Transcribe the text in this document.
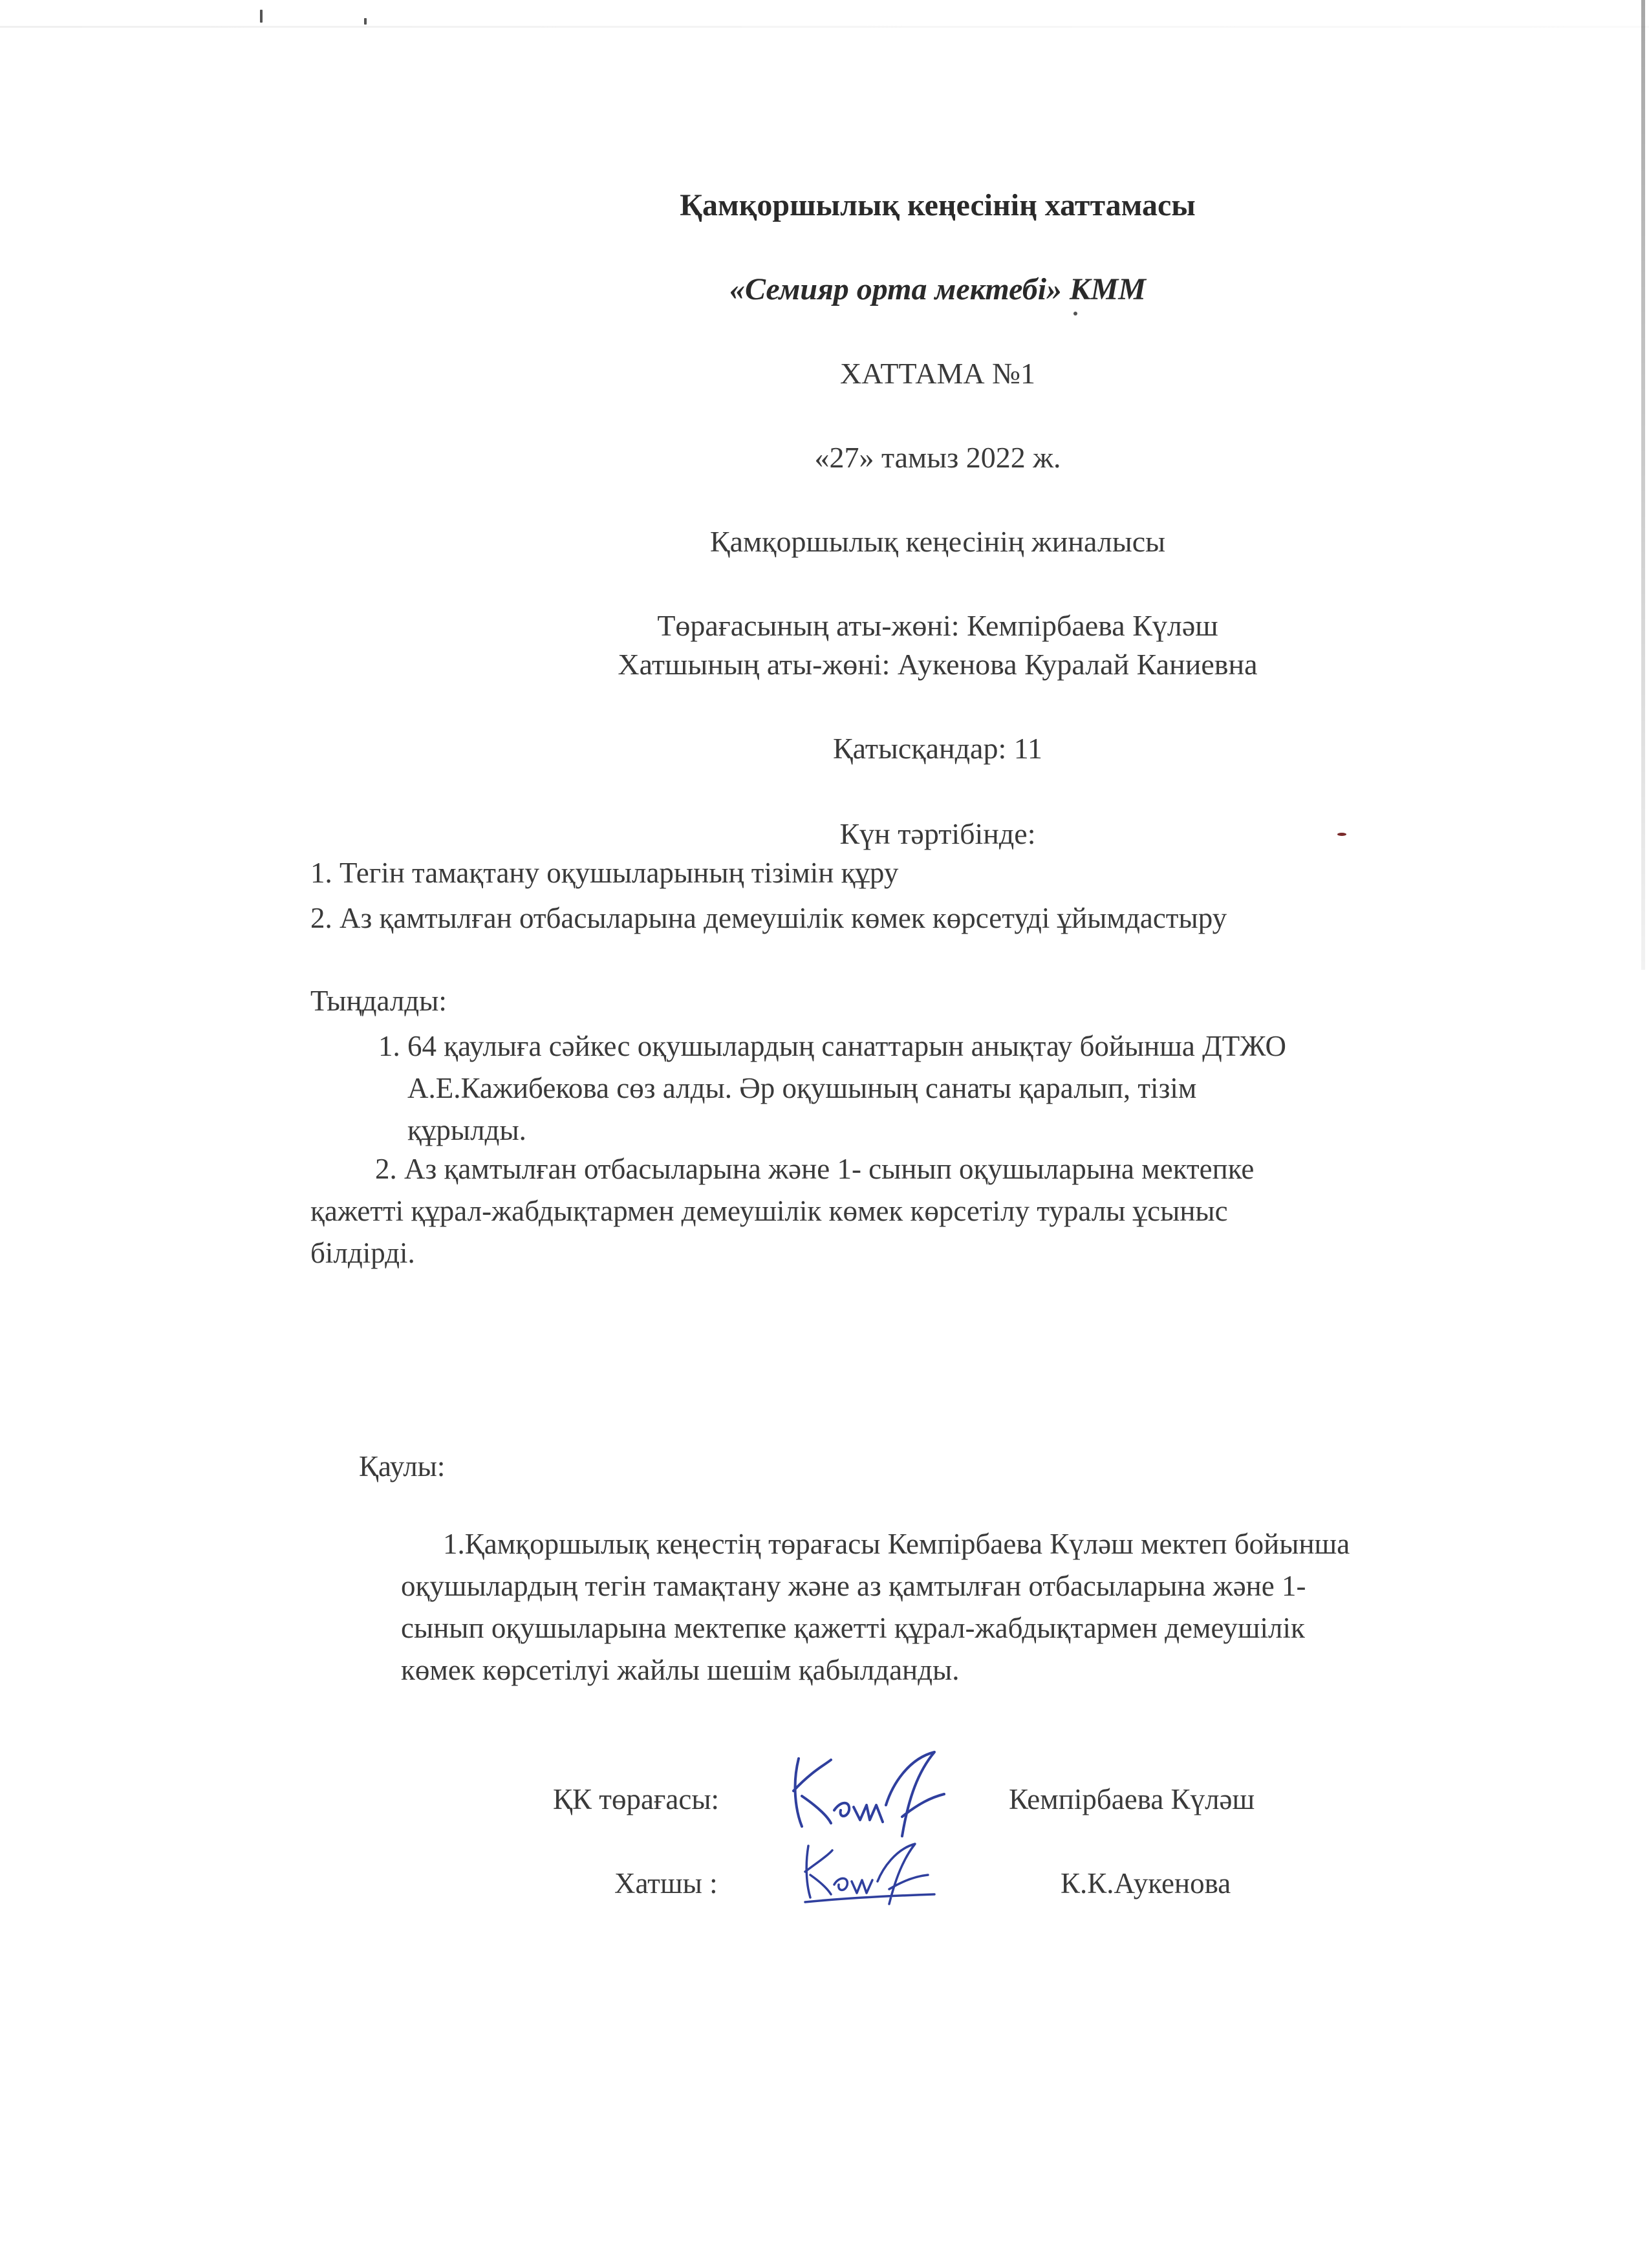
Қамқоршылық кеңесінің хаттамасы
«Семияр орта мектебі» КММ
ХАТТАМА №1
«27» тамыз 2022 ж.
Қамқоршылық кеңесінің жиналысы
Төрағасының аты-жөні: Кемпірбаева Күләш
Хатшының аты-жөні: Аукенова Куралай Каниевна
Қатысқандар: 11
Күн тәртібінде:
1. Тегін тамақтану оқушыларының тізімін құру
2. Аз қамтылған отбасыларына демеушілік көмек көрсетуді ұйымдастыру
Тыңдалды:
1. 64 қаулыға сәйкес оқушылардың санаттарын анықтау бойынша ДТЖО
А.Е.Кажибекова сөз алды. Әр оқушының санаты қаралып, тізім
құрылды.
2. Аз қамтылған отбасыларына және 1- сынып оқушыларына мектепке
қажетті құрал-жабдықтармен демеушілік көмек көрсетілу туралы ұсыныс
білдірді.
Қаулы:
1.Қамқоршылық кеңестің төрағасы Кемпірбаева Күләш мектеп бойынша
оқушылардың тегін тамақтану және аз қамтылған отбасыларына және 1-
сынып оқушыларына мектепке қажетті құрал-жабдықтармен демеушілік
көмек көрсетілуі жайлы шешім қабылданды.
ҚК төрағасы:	Кемпірбаева Күләш
Хатшы :	К.К.Аукенова
